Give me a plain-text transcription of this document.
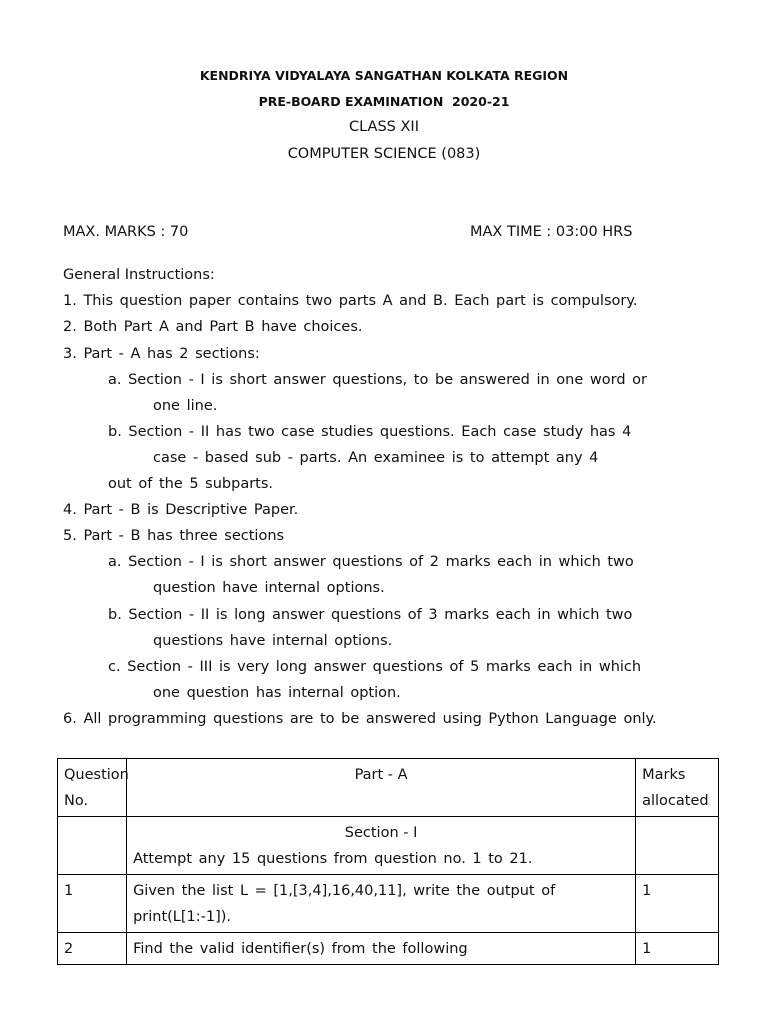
KENDRIYA VIDYALAYA SANGATHAN KOLKATA REGION
PRE-BOARD EXAMINATION  2020-21
CLASS XII
COMPUTER SCIENCE (083)
MAX. MARKS : 70	MAX TIME : 03:00 HRS
General Instructions:
1. This question paper contains two parts A and B. Each part is compulsory.
2. Both Part A and Part B have choices.
3. Part - A has 2 sections:
a. Section - I is short answer questions, to be answered in one word or
one line.
b. Section - II has two case studies questions. Each case study has 4
case - based sub - parts. An examinee is to attempt any 4
out of the 5 subparts.
4. Part - B is Descriptive Paper.
5. Part - B has three sections
a. Section - I is short answer questions of 2 marks each in which two
question have internal options.
b. Section - II is long answer questions of 3 marks each in which two
questions have internal options.
c. Section - III is very long answer questions of 5 marks each in which
one question has internal option.
6. All programming questions are to be answered using Python Language only.
Question No.	Part - A	Marks allocated

	Section - I
Attempt any 15 questions from question no. 1 to 21.	

1	Given the list L = [1,[3,4],16,40,11], write the output of print(L[1:-1]).	1
2	Find the valid identifier(s) from the following	1
